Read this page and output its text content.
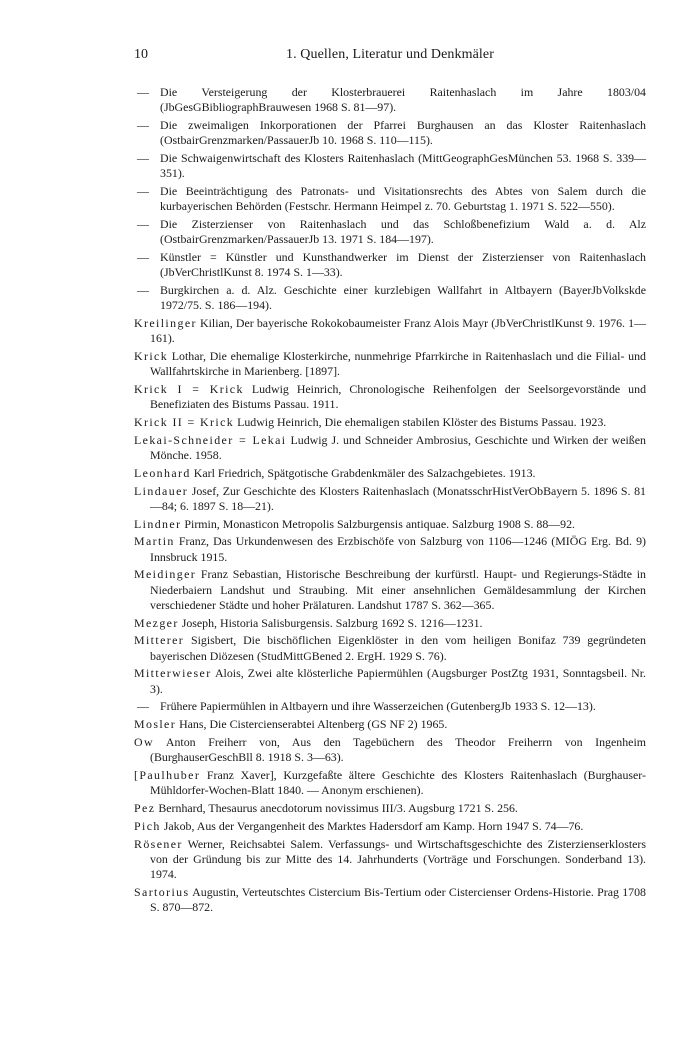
10	1. Quellen, Literatur und Denkmäler
— Die Versteigerung der Klosterbrauerei Raitenhaslach im Jahre 1803/04 (JbGesGBibliographBrauwesen 1968 S. 81—97).
— Die zweimaligen Inkorporationen der Pfarrei Burghausen an das Kloster Raitenhaslach (OstbairGrenzmarken/PassauerJb 10. 1968 S. 110—115).
— Die Schwaigenwirtschaft des Klosters Raitenhaslach (MittGeographGesMünchen 53. 1968 S. 339—351).
— Die Beeinträchtigung des Patronats- und Visitationsrechts des Abtes von Salem durch die kurbayerischen Behörden (Festschr. Hermann Heimpel z. 70. Geburtstag 1. 1971 S. 522—550).
— Die Zisterzienser von Raitenhaslach und das Schloßbenefizium Wald a. d. Alz (OstbairGrenzmarken/PassauerJb 13. 1971 S. 184—197).
— Künstler = Künstler und Kunsthandwerker im Dienst der Zisterzienser von Raitenhaslach (JbVerChristlKunst 8. 1974 S. 1—33).
— Burgkirchen a. d. Alz. Geschichte einer kurzlebigen Wallfahrt in Altbayern (BayerJbVolkskde 1972/75. S. 186—194).
Kreilinger Kilian, Der bayerische Rokokobaumeister Franz Alois Mayr (JbVerChristlKunst 9. 1976. 1—161).
Krick Lothar, Die ehemalige Klosterkirche, nunmehrige Pfarrkirche in Raitenhaslach und die Filial- und Wallfahrtskirche in Marienberg. [1897].
Krick I = Krick Ludwig Heinrich, Chronologische Reihenfolgen der Seelsorgevorstände und Benefiziaten des Bistums Passau. 1911.
Krick II = Krick Ludwig Heinrich, Die ehemaligen stabilen Klöster des Bistums Passau. 1923.
Lekai-Schneider = Lekai Ludwig J. und Schneider Ambrosius, Geschichte und Wirken der weißen Mönche. 1958.
Leonhard Karl Friedrich, Spätgotische Grabdenkmäler des Salzachgebietes. 1913.
Lindauer Josef, Zur Geschichte des Klosters Raitenhaslach (MonatsschrHistVerObBayern 5. 1896 S. 81—84; 6. 1897 S. 18—21).
Lindner Pirmin, Monasticon Metropolis Salzburgensis antiquae. Salzburg 1908 S. 88—92.
Martin Franz, Das Urkundenwesen des Erzbischöfe von Salzburg von 1106—1246 (MIÖG Erg. Bd. 9) Innsbruck 1915.
Meidinger Franz Sebastian, Historische Beschreibung der kurfürstl. Haupt- und Regierungs-Städte in Niederbaiern Landshut und Straubing. Mit einer ansehnlichen Gemäldesammlung der Kirchen verschiedener Städte und hoher Prälaturen. Landshut 1787 S. 362—365.
Mezger Joseph, Historia Salisburgensis. Salzburg 1692 S. 1216—1231.
Mitterer Sigisbert, Die bischöflichen Eigenklöster in den vom heiligen Bonifaz 739 gegründeten bayerischen Diözesen (StudMittGBened 2. ErgH. 1929 S. 76).
Mitterwieser Alois, Zwei alte klösterliche Papiermühlen (Augsburger PostZtg 1931, Sonntagsbeil. Nr. 3).
— Frühere Papiermühlen in Altbayern und ihre Wasserzeichen (GutenbergJb 1933 S. 12—13).
Mosler Hans, Die Cistercienserabtei Altenberg (GS NF 2) 1965.
Ow Anton Freiherr von, Aus den Tagebüchern des Theodor Freiherrn von Ingenheim (BurghauserGeschBll 8. 1918 S. 3—63).
[Paulhuber Franz Xaver], Kurzgefaßte ältere Geschichte des Klosters Raitenhaslach (Burghauser-Mühldorfer-Wochen-Blatt 1840. — Anonym erschienen).
Pez Bernhard, Thesaurus anecdotorum novissimus III/3. Augsburg 1721 S. 256.
Pich Jakob, Aus der Vergangenheit des Marktes Hadersdorf am Kamp. Horn 1947 S. 74—76.
Rösener Werner, Reichsabtei Salem. Verfassungs- und Wirtschaftsgeschichte des Zisterzienserklosters von der Gründung bis zur Mitte des 14. Jahrhunderts (Vorträge und Forschungen. Sonderband 13). 1974.
Sartorius Augustin, Verteutschtes Cistercium Bis-Tertium oder Cistercienser Ordens-Historie. Prag 1708 S. 870—872.
